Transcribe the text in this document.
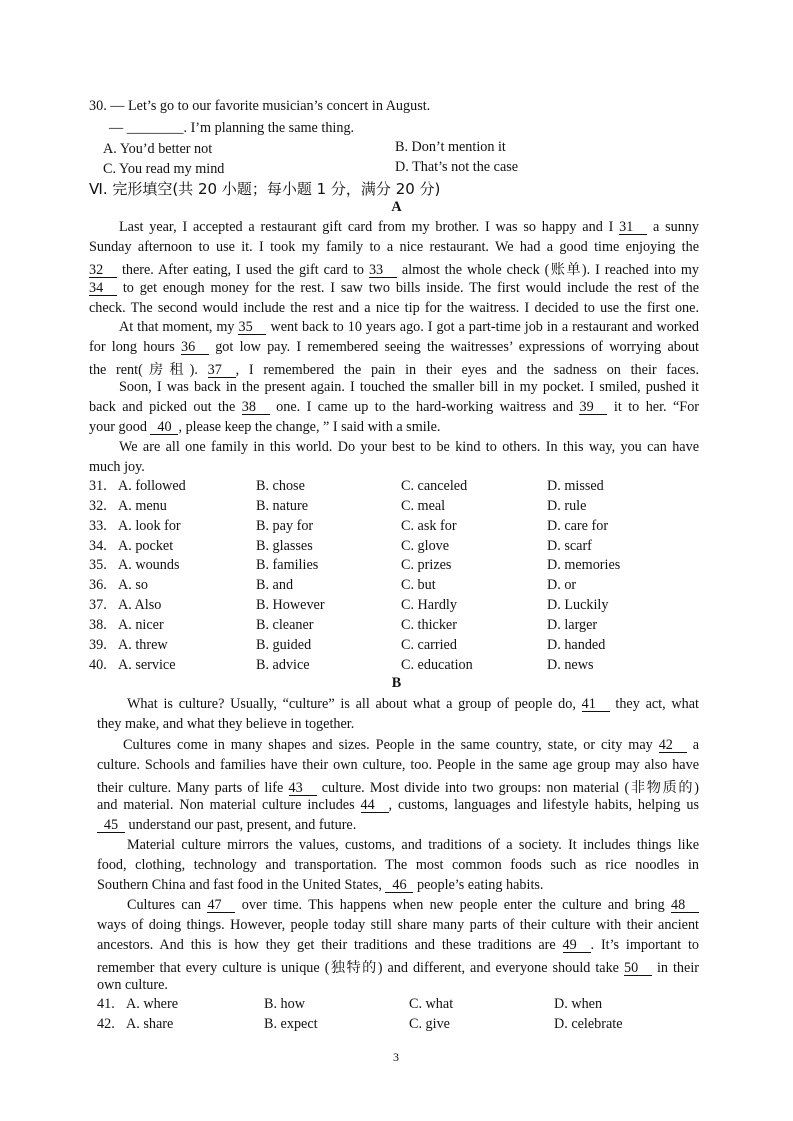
30. — Let’s go to our favorite musician’s concert in August.
— ________. I’m planning the same thing.
A. You’d better not	B. Don’t mention it
C. You read my mind	D. That’s not the case
Ⅵ. 完形填空(共 20 小题；每小题 1 分，满分 20 分)
A
Last year, I accepted a restaurant gift card from my brother. I was so happy and I 31 a sunny
Sunday afternoon to use it. I took my family to a nice restaurant. We had a good time enjoying the
32 there. After eating, I used the gift card to 33 almost the whole check (账单). I reached into my
34 to get enough money for the rest. I saw two bills inside. The first would include the rest of the
check. The second would include the rest and a nice tip for the waitress. I decided to use the first one.
At that moment, my 35 went back to 10 years ago. I got a part-time job in a restaurant and worked
for long hours 36 got low pay. I remembered seeing the waitresses’ expressions of worrying about
the rent(房租). 37 , I remembered the pain in their eyes and the sadness on their faces.
Soon, I was back in the present again. I touched the smaller bill in my pocket. I smiled, pushed it
back and picked out the 38 one. I came up to the hard-working waitress and 39 it to her. “For
your good 40 , please keep the change, ” I said with a smile.
We are all one family in this world. Do your best to be kind to others. In this way, you can have
much joy.
31. A. followed	B. chose	C. canceled	D. missed
32. A. menu	B. nature	C. meal	D. rule
33. A. look for	B. pay for	C. ask for	D. care for
34. A. pocket	B. glasses	C. glove	D. scarf
35. A. wounds	B. families	C. prizes	D. memories
36. A. so	B. and	C. but	D. or
37. A. Also	B. However	C. Hardly	D. Luckily
38. A. nicer	B. cleaner	C. thicker	D. larger
39. A. threw	B. guided	C. carried	D. handed
40. A. service	B. advice	C. education	D. news
B
What is culture? Usually, “culture” is all about what a group of people do, 41 they act, what
they make, and what they believe in together.
Cultures come in many shapes and sizes. People in the same country, state, or city may 42 a
culture. Schools and families have their own culture, too. People in the same age group may also have
their culture. Many parts of life 43 culture. Most divide into two groups: non material (非物质的)
and material. Non material culture includes 44 , customs, languages and lifestyle habits, helping us
45 understand our past, present, and future.
Material culture mirrors the values, customs, and traditions of a society. It includes things like
food, clothing, technology and transportation. The most common foods such as rice noodles in
Southern China and fast food in the United States, 46 people’s eating habits.
Cultures can 47 over time. This happens when new people enter the culture and bring 48
ways of doing things. However, people today still share many parts of their culture with their ancient
ancestors. And this is how they get their traditions and these traditions are 49 . It’s important to
remember that every culture is unique (独特的) and different, and everyone should take 50 in their
own culture.
41. A. where	B. how	C. what	D. when
42. A. share	B. expect	C. give	D. celebrate
3
